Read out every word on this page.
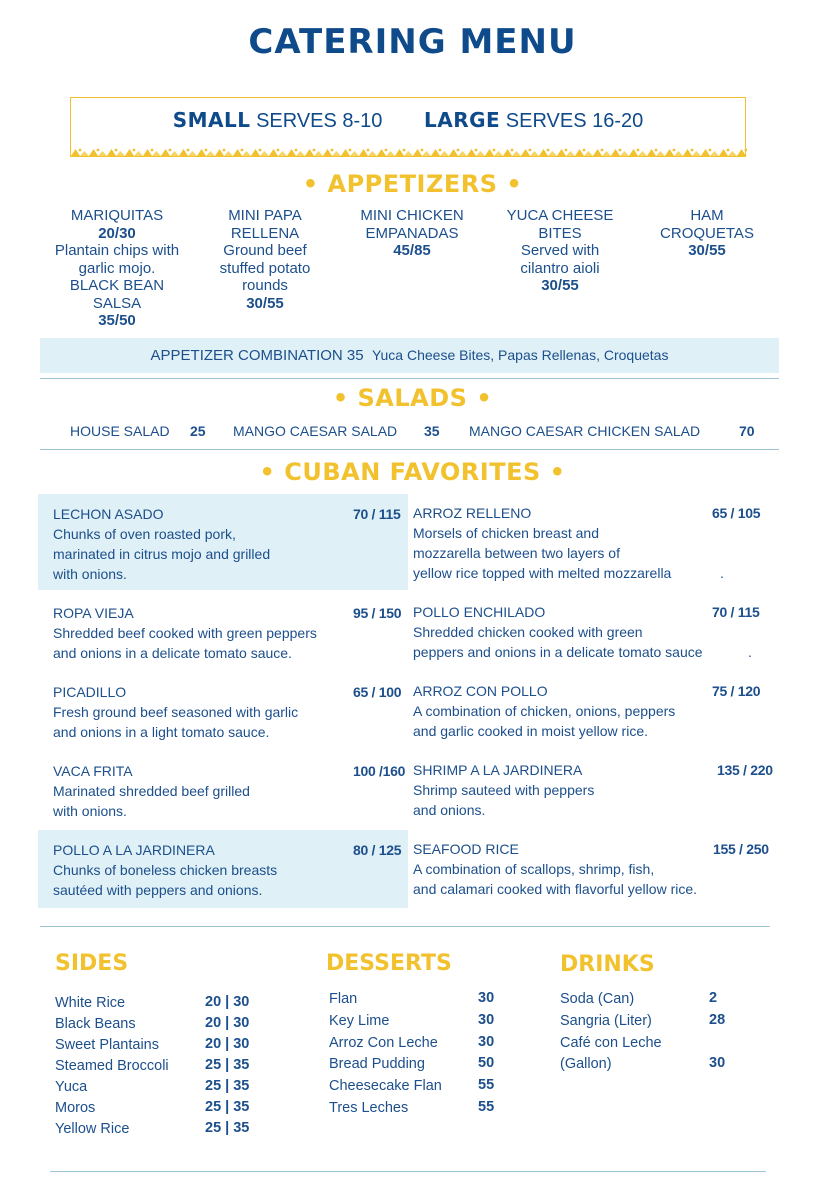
CATERING MENU
SMALL SERVES 8-10 LARGE SERVES 16-20
• APPETIZERS •
MARIQUITAS
20/30
Plantain chips with garlic mojo.
BLACK BEAN SALSA
35/50
MINI PAPA RELLENA
Ground beef stuffed potato rounds
30/55
MINI CHICKEN EMPANADAS
45/85
YUCA CHEESE BITES
Served with cilantro aioli
30/55
HAM CROQUETAS
30/55
APPETIZER COMBINATION 35 Yuca Cheese Bites, Papas Rellenas, Croquetas
• SALADS •
HOUSE SALAD 25 MANGO CAESAR SALAD 35 MANGO CAESAR CHICKEN SALAD	70
• CUBAN FAVORITES •
LECHON ASADO
Chunks of oven roasted pork,
marinated in citrus mojo and grilled
with onions.
70 / 115
ROPA VIEJA
Shredded beef cooked with green peppers
and onions in a delicate tomato sauce.
95 / 150
PICADILLO
Fresh ground beef seasoned with garlic
and onions in a light tomato sauce.
65 / 100
VACA FRITA
Marinated shredded beef grilled
with onions.
100 /160
POLLO A LA JARDINERA
Chunks of boneless chicken breasts
sautéed with peppers and onions.
80 / 125
ARROZ RELLENO
Morsels of chicken breast and
mozzarella between two layers of
yellow rice topped with melted mozzarella	.
65 / 105
POLLO ENCHILADO
Shredded chicken cooked with green
peppers and onions in a delicate tomato sauce	.
70 / 115
ARROZ CON POLLO
A combination of chicken, onions, peppers
and garlic cooked in moist yellow rice.
75 / 120
SHRIMP A LA JARDINERA
Shrimp sauteed with peppers
and onions.
135 / 220
SEAFOOD RICE
A combination of scallops, shrimp, fish,
and calamari cooked with flavorful yellow rice.
155 / 250
SIDES
White Rice	20 | 30
Black Beans	20 | 30
Sweet Plantains	20 | 30
Steamed Broccoli	25 | 35
Yuca	25 | 35
Moros	25 | 35
Yellow Rice	25 | 35
DESSERTS
Flan	30
Key Lime	30
Arroz Con Leche	30
Bread Pudding	50
Cheesecake Flan 55
Tres Leches	55
DRINKS
Soda (Can)	2
Sangria (Liter)	28
Café con Leche
(Gallon)	30
